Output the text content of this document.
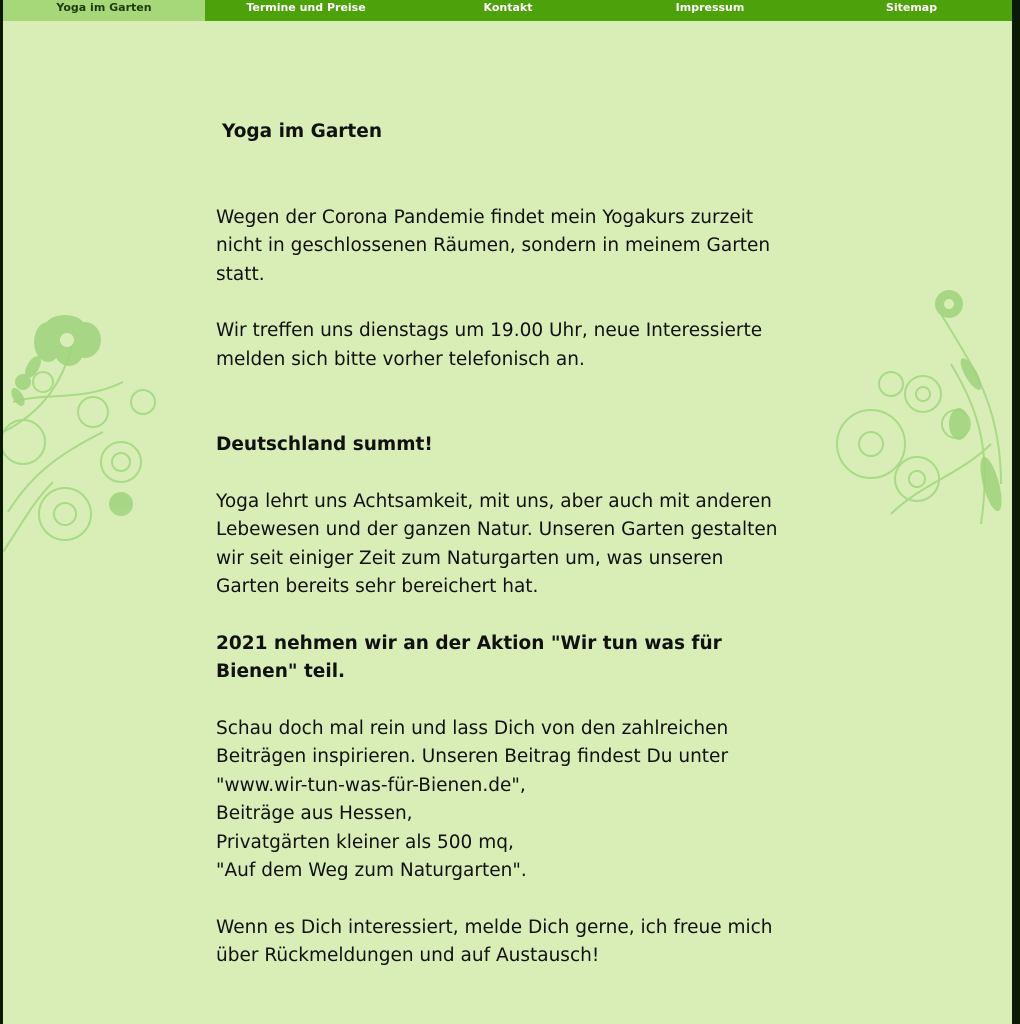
Yoga im Garten	Termine und Preise	Kontakt	Impressum	Sitemap

Yoga im Garten

Wegen der Corona Pandemie findet mein Yogakurs zurzeit nicht in geschlossenen Räumen, sondern in meinem Garten statt.

Wir treffen uns dienstags um 19.00 Uhr, neue Interessierte melden sich bitte vorher telefonisch an.

Deutschland summt!

Yoga lehrt uns Achtsamkeit, mit uns, aber auch mit anderen Lebewesen und der ganzen Natur. Unseren Garten gestalten wir seit einiger Zeit zum Naturgarten um, was unseren Garten bereits sehr bereichert hat.

2021 nehmen wir an der Aktion "Wir tun was für Bienen" teil.

Schau doch mal rein und lass Dich von den zahlreichen Beiträgen inspirieren. Unseren Beitrag findest Du unter

"www.wir-tun-was-für-Bienen.de",

Beiträge aus Hessen,

Privatgärten kleiner als 500 mq,

"Auf dem Weg zum Naturgarten".

Wenn es Dich interessiert, melde Dich gerne, ich freue mich über Rückmeldungen und auf Austausch!
